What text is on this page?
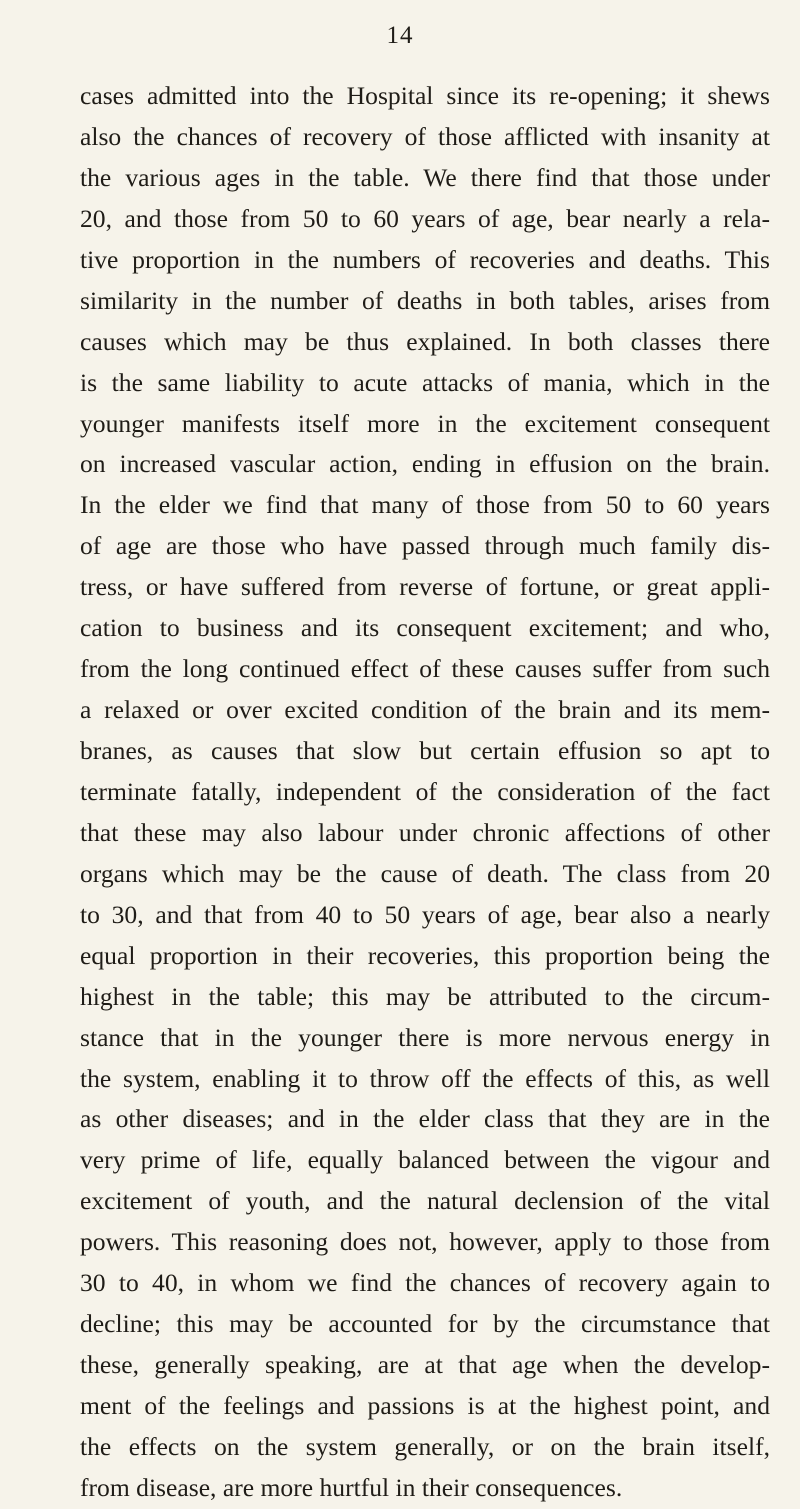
14
cases admitted into the Hospital since its re-opening; it shews
also the chances of recovery of those afflicted with insanity at
the various ages in the table. We there find that those under
20, and those from 50 to 60 years of age, bear nearly a rela-
tive proportion in the numbers of recoveries and deaths. This
similarity in the number of deaths in both tables, arises from
causes which may be thus explained. In both classes there
is the same liability to acute attacks of mania, which in the
younger manifests itself more in the excitement consequent
on increased vascular action, ending in effusion on the brain.
In the elder we find that many of those from 50 to 60 years
of age are those who have passed through much family dis-
tress, or have suffered from reverse of fortune, or great appli-
cation to business and its consequent excitement; and who,
from the long continued effect of these causes suffer from such
a relaxed or over excited condition of the brain and its mem-
branes, as causes that slow but certain effusion so apt to
terminate fatally, independent of the consideration of the fact
that these may also labour under chronic affections of other
organs which may be the cause of death. The class from 20
to 30, and that from 40 to 50 years of age, bear also a nearly
equal proportion in their recoveries, this proportion being the
highest in the table; this may be attributed to the circum-
stance that in the younger there is more nervous energy in
the system, enabling it to throw off the effects of this, as well
as other diseases; and in the elder class that they are in the
very prime of life, equally balanced between the vigour and
excitement of youth, and the natural declension of the vital
powers. This reasoning does not, however, apply to those from
30 to 40, in whom we find the chances of recovery again to
decline; this may be accounted for by the circumstance that
these, generally speaking, are at that age when the develop-
ment of the feelings and passions is at the highest point, and
the effects on the system generally, or on the brain itself,
from disease, are more hurtful in their consequences.
